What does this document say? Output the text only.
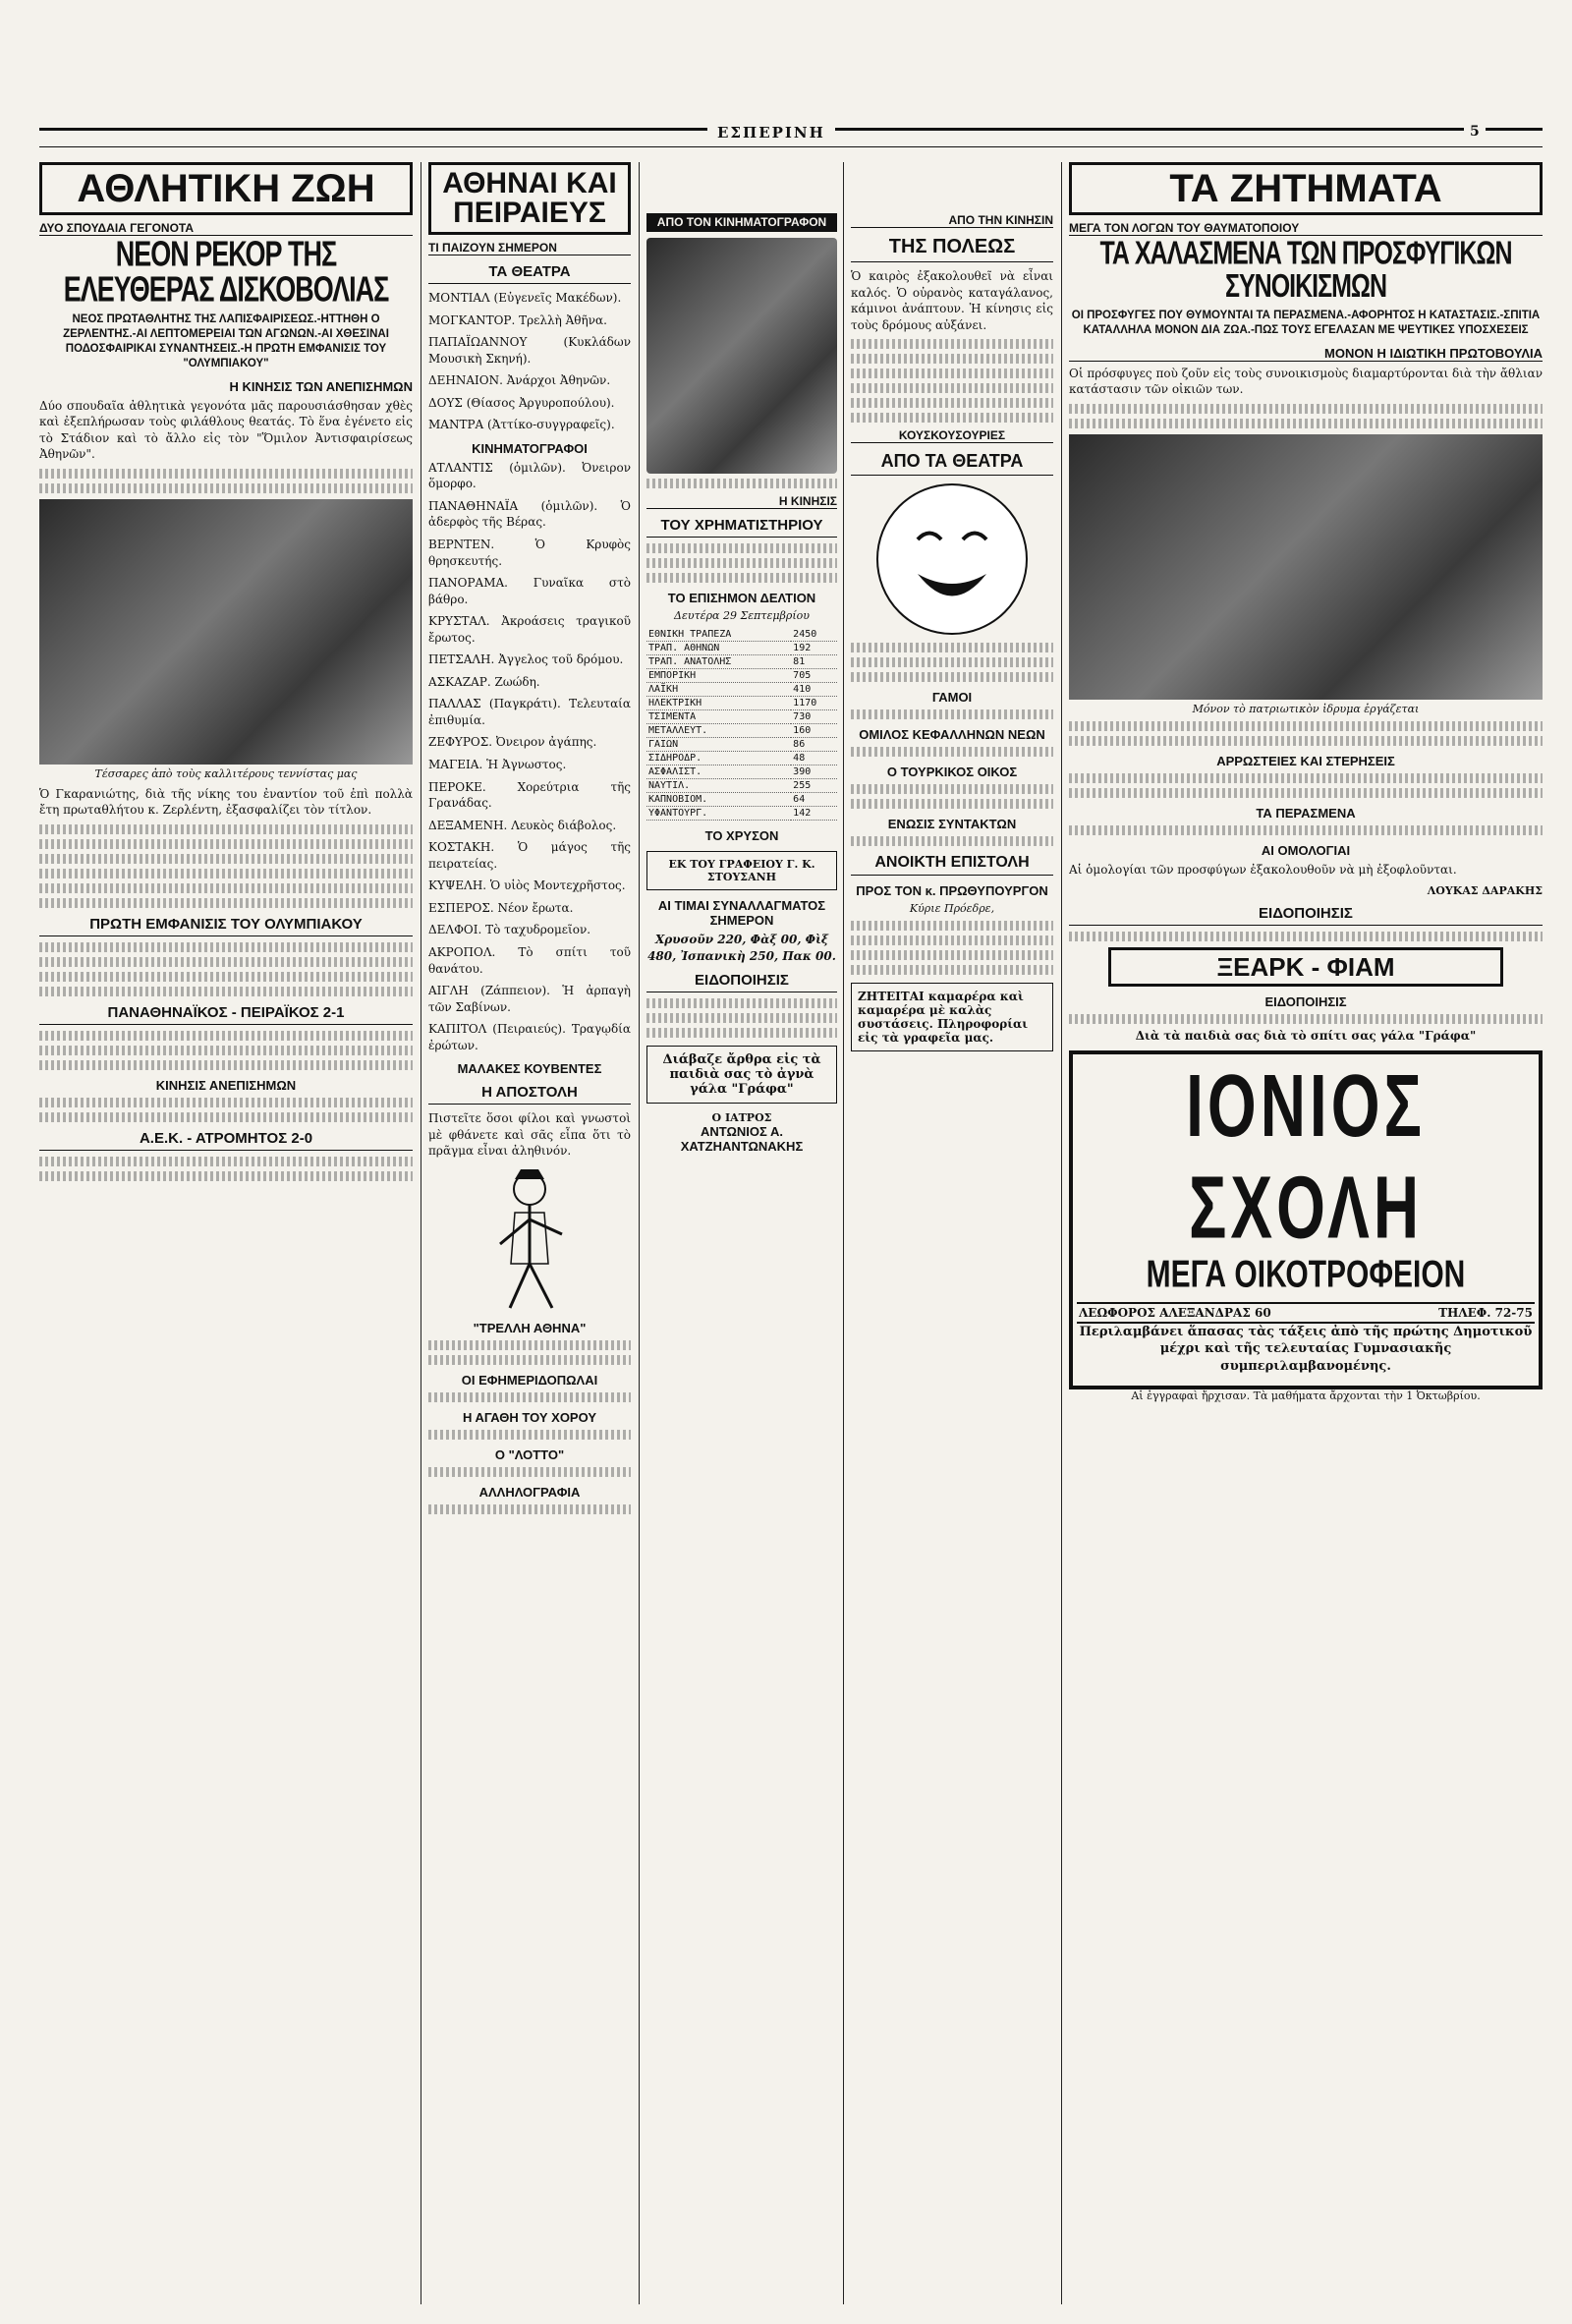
ΕΣΠΕΡΙΝΗ	5
ΑΘΛΗΤΙΚΗ ΖΩΗ
ΔΥΟ ΣΠΟΥΔΑΙΑ ΓΕΓΟΝΟΤΑ
ΝΕΟΝ ΡΕΚΟΡ ΤΗΣ ΕΛΕΥΘΕΡΑΣ ΔΙΣΚΟΒΟΛΙΑΣ
ΝΕΟΣ ΠΡΩΤΑΘΛΗΤΗΣ ΤΗΣ ΛΑΠΙΣΦΑΙΡΙΣΕΩΣ.-ΗΤΤΗΘΗ Ο ΖΕΡΛΕΝΤΗΣ.-ΑΙ ΛΕΠΤΟΜΕΡΕΙΑΙ ΤΩΝ ΑΓΩΝΩΝ.-ΑΙ ΧΘΕΣΙΝΑΙ ΠΟΔΟΣΦΑΙΡΙΚΑΙ ΣΥΝΑΝΤΗΣΕΙΣ.-Η ΠΡΩΤΗ ΕΜΦΑΝΙΣΙΣ ΤΟΥ "ΟΛΥΜΠΙΑΚΟΥ"
Η ΚΙΝΗΣΙΣ ΤΩΝ ΑΝΕΠΙΣΗΜΩΝ

Δύο σπουδαῖα ἀθλητικὰ γεγονότα μᾶς παρουσιάσθησαν χθὲς καὶ ἐξεπλήρωσαν τοὺς φιλάθλους θεατάς. Τὸ ἕνα ἐγένετο εἰς τὸ Στάδιον καὶ τὸ ἄλλο εἰς τὸν "Ὅμιλον Ἀντισφαιρίσεως Ἀθηνῶν".

Τέσσαρες ἀπὸ τοὺς καλλιτέρους τεννίστας μας

Ὁ Γκαρανιώτης, διὰ τῆς νίκης του ἐναντίον τοῦ ἐπὶ πολλὰ ἔτη πρωταθλήτου κ. Ζερλέντη, ἐξασφαλίζει τὸν τίτλον.

ΠΡΩΤΗ ΕΜΦΑΝΙΣΙΣ ΤΟΥ ΟΛΥΜΠΙΑΚΟΥ
ΠΑΝΑΘΗΝΑΪΚΟΣ - ΠΕΙΡΑΪΚΟΣ 2-1
ΚΙΝΗΣΙΣ ΑΝΕΠΙΣΗΜΩΝ
Α.Ε.Κ. - ΑΤΡΟΜΗΤΟΣ 2-0
ΑΘΗΝΑΙ ΚΑΙ ΠΕΙΡΑΙΕΥΣ
ΤΙ ΠΑΙΖΟΥΝ ΣΗΜΕΡΟΝ
ΤΑ ΘΕΑΤΡΑ

ΜΟΝΤΙΑΛ (Εὐγενεῖς Μακέδων).

ΜΟΓΚΑΝΤΟΡ. Τρελλὴ Ἀθῆνα.

ΠΑΠΑΪΩΑΝΝΟΥ (Κυκλάδων Μουσικὴ Σκηνή).

ΔΕΗΝΑΙΟΝ. Ἀνάρχοι Ἀθηνῶν.

ΔΟΥΣ (Θίασος Ἀργυροπούλου).

ΜΑΝΤΡΑ (Ἀττίκο-συγγραφεῖς).

ΚΙΝΗΜΑΤΟΓΡΑΦΟΙ

ΑΤΛΑΝΤΙΣ (ὁμιλῶν). Ὀνειρον ὅμορφο.

ΠΑΝΑΘΗΝΑΪΑ (ὁμιλῶν). Ὁ ἀδερφὸς τῆς Βέρας.

ΒΕΡΝΤΕΝ. Ὁ Κρυφὸς θρησκευτής.

ΠΑΝΟΡΑΜΑ. Γυναῖκα στὸ βάθρο.

ΚΡΥΣΤΑΛ. Ἀκροάσεις τραγικοῦ ἔρωτος.

ΠΕΤΣΑΛΗ. Ἀγγελος τοῦ δρόμου.

ΑΣΚΑΖΑΡ. Ζωώδη.

ΠΑΛΛΑΣ (Παγκράτι). Τελευταία ἐπιθυμία.

ΖΕΦΥΡΟΣ. Ὀνειρον ἀγάπης.

ΜΑΓΕΙΑ. Ἡ Ἀγνωστος.

ΠΕΡΟΚΕ. Χορεύτρια τῆς Γρανάδας.

ΔΕΞΑΜΕΝΗ. Λευκὸς διάβολος.

ΚΟΣΤΑΚΗ. Ὁ μάγος τῆς πειρατείας.

ΚΥΨΕΛΗ. Ὁ υἱὸς Μοντεχρῆστος.

ΕΣΠΕΡΟΣ. Νέον ἔρωτα.

ΔΕΛΦΟΙ. Τὸ ταχυδρομεῖον.

ΑΚΡΟΠΟΛ. Τὸ σπίτι τοῦ θανάτου.

ΑΙΓΛΗ (Ζάππειον). Ἡ ἀρπαγὴ τῶν Σαβίνων.

ΚΑΠΙΤΟΛ (Πειραιεύς). Τραγῳδία ἐρώτων.

ΜΑΛΑΚΕΣ ΚΟΥΒΕΝΤΕΣ
Η ΑΠΟΣΤΟΛΗ

Πιστεῖτε ὅσοι φίλοι καὶ γνωστοὶ μὲ φθάνετε καὶ σᾶς εἶπα ὅτι τὸ πρᾶγμα εἶναι ἀληθινόν.

"ΤΡΕΛΛΗ ΑΘΗΝΑ"
ΟΙ ΕΦΗΜΕΡΙΔΟΠΩΛΑΙ
Η ΑΓΑΘΗ ΤΟΥ ΧΟΡΟΥ
Ο "ΛΟΤΤΟ"
ΑΛΛΗΛΟΓΡΑΦΙΑ
ΑΠΟ ΤΟΝ ΚΙΝΗΜΑΤΟΓΡΑΦΟΝ
Η ΚΙΝΗΣΙΣ
ΤΟΥ ΧΡΗΜΑΤΙΣΤΗΡΙΟΥ
ΤΟ ΕΠΙΣΗΜΟΝ ΔΕΛΤΙΟΝ
Δευτέρα 29 Σεπτεμβρίου
ΕΘΝΙΚΗ ΤΡΑΠΕΖΑ	2450
ΤΡΑΠ. ΑΘΗΝΩΝ	192
ΤΡΑΠ. ΑΝΑΤΟΛΗΣ	81
ΕΜΠΟΡΙΚΗ	705
ΛΑΪΚΗ	410
ΗΛΕΚΤΡΙΚΗ	1170
ΤΣΙΜΕΝΤΑ	730
ΜΕΤΑΛΛΕΥΤ.	160
ΓΑΙΩΝ	86
ΣΙΔΗΡΟΔΡ.	48
ΑΣΦΑΛΙΣΤ.	390
ΝΑΥΤΙΛ.	255
ΚΑΠΝΟΒΙΟΜ.	64
ΥΦΑΝΤΟΥΡΓ.	142
ΤΟ ΧΡΥΣΟΝ
ΕΚ ΤΟΥ ΓΡΑΦΕΙΟΥ Γ. Κ. ΣΤΟΥΣΑΝΗ
ΑΙ ΤΙΜΑΙ ΣΥΝΑΛΛΑΓΜΑΤΟΣ ΣΗΜΕΡΟΝ

Χρυσοῦν 220, Φὰξ 00, Φὶξ 480, Ἰσπανικὴ 250, Πακ 00.

ΕΙΔΟΠΟΙΗΣΙΣ
Διάβαζε ἄρθρα εἰς τὰ παιδιὰ σας τὸ ἀγνὰ γάλα "Γράφα"
Ο ΙΑΤΡΟΣ
ΑΝΤΩΝΙΟΣ Α. ΧΑΤΖΗΑΝΤΩΝΑΚΗΣ
ΑΠΟ ΤΗΝ ΚΙΝΗΣΙΝ
ΤΗΣ ΠΟΛΕΩΣ

Ὁ καιρὸς ἐξακολουθεῖ νὰ εἶναι καλός. Ὁ οὐρανὸς καταγάλανος, κάμινοι ἀνάπτουν. Ἡ κίνησις εἰς τοὺς δρόμους αὐξάνει.

ΚΟΥΣΚΟΥΣΟΥΡΙΕΣ
ΑΠΟ ΤΑ ΘΕΑΤΡΑ
ΓΑΜΟΙ
ΟΜΙΛΟΣ ΚΕΦΑΛΛΗΝΩΝ ΝΕΩΝ
Ο ΤΟΥΡΚΙΚΟΣ ΟΙΚΟΣ
ΕΝΩΣΙΣ ΣΥΝΤΑΚΤΩΝ
ΑΝΟΙΚΤΗ ΕΠΙΣΤΟΛΗ
ΠΡΟΣ ΤΟΝ κ. ΠΡΩΘΥΠΟΥΡΓΟΝ
Κύριε Πρόεδρε,
ΖΗΤΕΙΤΑΙ καμαρέρα καὶ καμαρέρα μὲ καλὰς συστάσεις. Πληροφορίαι εἰς τὰ γραφεῖα μας.
ΤΑ ΖΗΤΗΜΑΤΑ
ΜΕΓΑ ΤΟΝ ΛΟΓΩΝ ΤΟΥ ΘΑΥΜΑΤΟΠΟΙΟΥ
ΤΑ ΧΑΛΑΣΜΕΝΑ ΤΩΝ ΠΡΟΣΦΥΓΙΚΩΝ ΣΥΝΟΙΚΙΣΜΩΝ
ΟΙ ΠΡΟΣΦΥΓΕΣ ΠΟΥ ΘΥΜΟΥΝΤΑΙ ΤΑ ΠΕΡΑΣΜΕΝΑ.-ΑΦΟΡΗΤΟΣ Η ΚΑΤΑΣΤΑΣΙΣ.-ΣΠΙΤΙΑ ΚΑΤΑΛΛΗΛΑ ΜΟΝΟΝ ΔΙΑ ΖΩΑ.-ΠΩΣ ΤΟΥΣ ΕΓΕΛΑΣΑΝ ΜΕ ΨΕΥΤΙΚΕΣ ΥΠΟΣΧΕΣΕΙΣ
ΜΟΝΟΝ Η ΙΔΙΩΤΙΚΗ ΠΡΩΤΟΒΟΥΛΙΑ

Οἱ πρόσφυγες ποὺ ζοῦν εἰς τοὺς συνοικισμοὺς διαμαρτύρονται διὰ τὴν ἄθλιαν κατάστασιν τῶν οἰκιῶν των.

Μόνον τὸ πατριωτικὸν ἱδρυμα ἐργάζεται
ΑΡΡΩΣΤΕΙΕΣ ΚΑΙ ΣΤΕΡΗΣΕΙΣ
ΤΑ ΠΕΡΑΣΜΕΝΑ
ΑΙ ΟΜΟΛΟΓΙΑΙ

Αἱ ὁμολογίαι τῶν προσφύγων ἐξακολουθοῦν νὰ μὴ ἐξοφλοῦνται.

ΛΟΥΚΑΣ ΔΑΡΑΚΗΣ
ΕΙΔΟΠΟΙΗΣΙΣ
ΞΕΑΡΚ - ΦΙΑΜ
ΕΙΔΟΠΟΙΗΣΙΣ
Διὰ τὰ παιδιὰ σας διὰ τὸ σπίτι σας γάλα "Γράφα"
ΙΟΝΙΟΣ ΣΧΟΛΗ
ΜΕΓΑ ΟΙΚΟΤΡΟΦΕΙΟΝ
ΛΕΩΦΟΡΟΣ ΑΛΕΞΑΝΔΡΑΣ 60	ΤΗΛΕΦ. 72-75

Περιλαμβάνει ἅπασας τὰς τάξεις ἀπὸ τῆς πρώτης Δημοτικοῦ μέχρι καὶ τῆς τελευταίας Γυμνασιακῆς συμπεριλαμβανομένης.

Αἱ ἐγγραφαὶ ἤρχισαν. Τὰ μαθήματα ἄρχονται τὴν 1 Ὀκτωβρίου.
